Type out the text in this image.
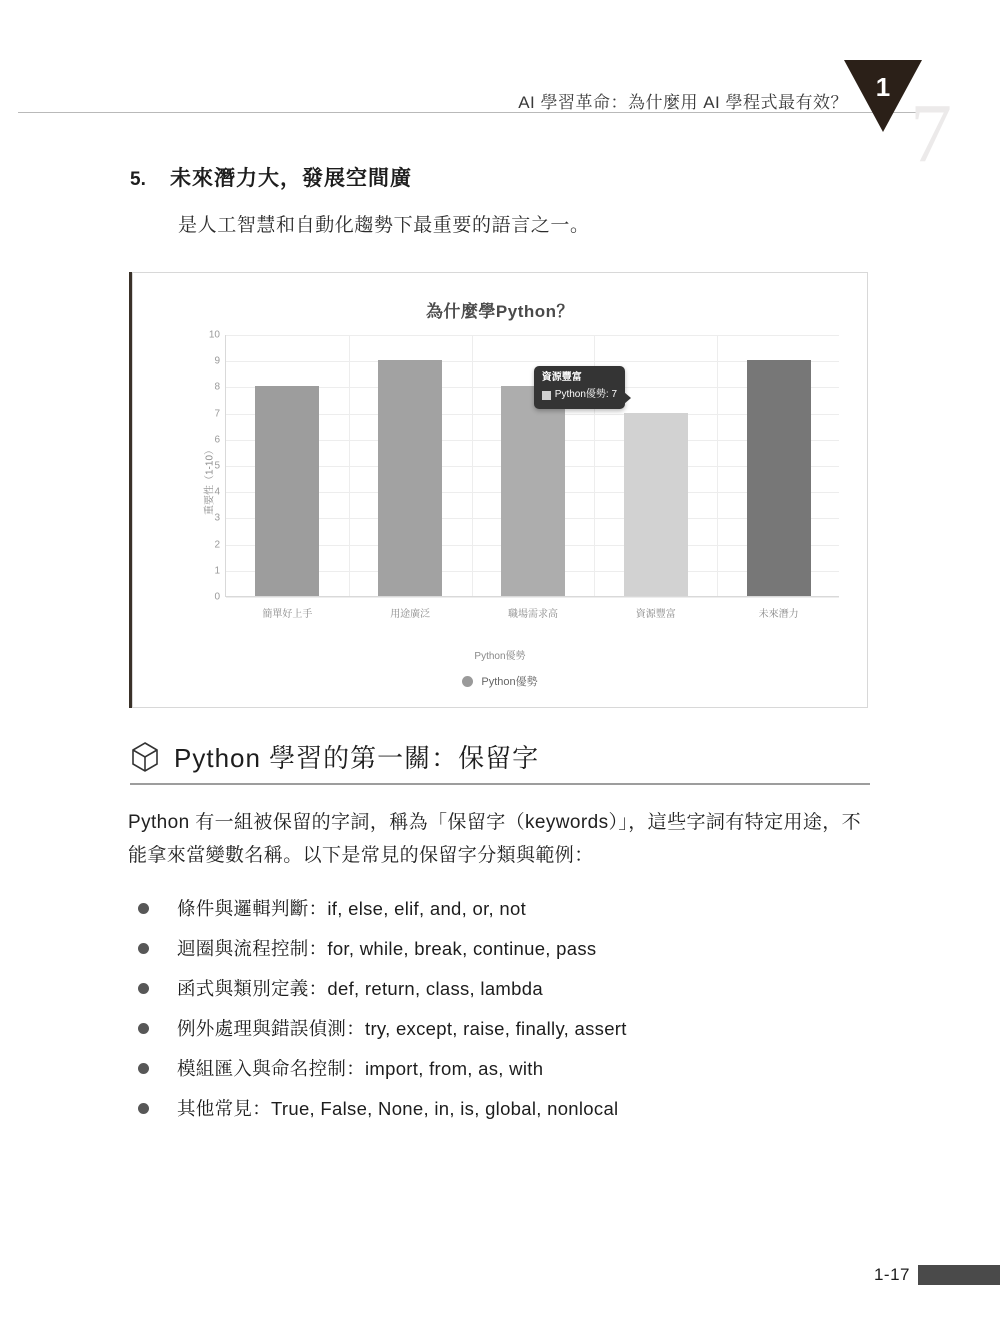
AI 學習革命：為什麼用 AI 學程式最有效？ 7
1
5.	未來潛力大，發展空間廣
是人工智慧和自動化趨勢下最重要的語言之一。
為什麼學Python？
重要性（1-10）
0
1
2
3
4
5
6
7
8
9
10
簡單好上手	用途廣泛	職場需求高	資源豐富	未來潛力
資源豐富
Python優勢: 7
Python優勢
Python優勢
Python 學習的第一關：保留字
Python 有一組被保留的字詞，稱為「保留字（keywords）」，這些字詞有特定用途，不能拿來當變數名稱。以下是常見的保留字分類與範例：
條件與邏輯判斷：if, else, elif, and, or, not
迴圈與流程控制：for, while, break, continue, pass
函式與類別定義：def, return, class, lambda
例外處理與錯誤偵測：try, except, raise, finally, assert
模組匯入與命名控制：import, from, as, with
其他常見：True, False, None, in, is, global, nonlocal
1-17
